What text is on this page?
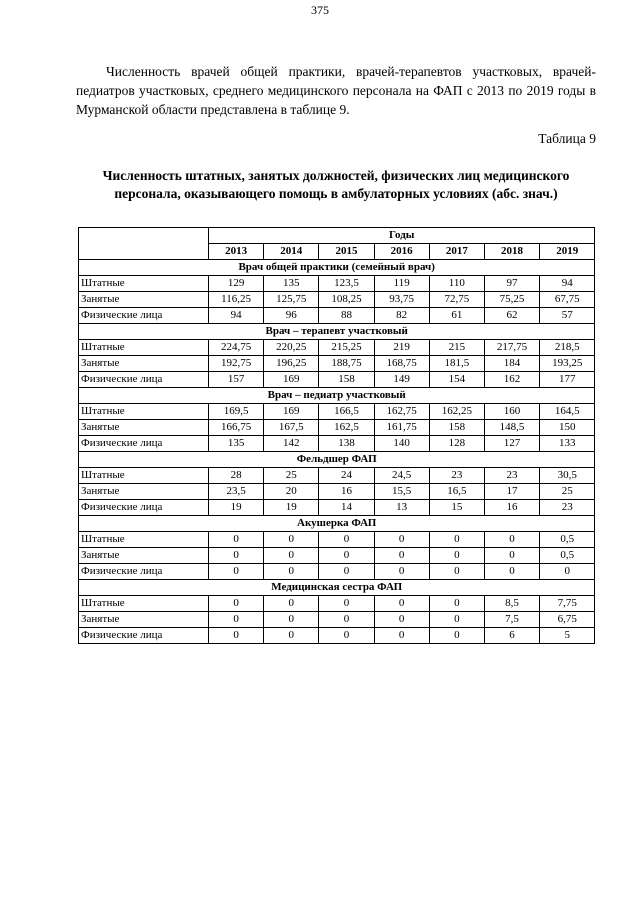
375

Численность врачей общей практики, врачей-терапевтов участковых, врачей-педиатров участковых, среднего медицинского персонала на ФАП с 2013 по 2019 годы в Мурманской области представлена в таблице 9.

Таблица 9

Численность штатных, занятых должностей, физических лиц медицинского персонала, оказывающего помощь в амбулаторных условиях (абс. знач.)

	Годы						
	2013	2014	2015	2016	2017	2018	2019
Врач общей практики (семейный врач)							
Штатные	129	135	123,5	119	110	97	94
Занятые	116,25	125,75	108,25	93,75	72,75	75,25	67,75
Физические лица	94	96	88	82	61	62	57
Врач – терапевт участковый							
Штатные	224,75	220,25	215,25	219	215	217,75	218,5
Занятые	192,75	196,25	188,75	168,75	181,5	184	193,25
Физические лица	157	169	158	149	154	162	177
Врач – педиатр участковый							
Штатные	169,5	169	166,5	162,75	162,25	160	164,5
Занятые	166,75	167,5	162,5	161,75	158	148,5	150
Физические лица	135	142	138	140	128	127	133
Фельдшер ФАП							
Штатные	28	25	24	24,5	23	23	30,5
Занятые	23,5	20	16	15,5	16,5	17	25
Физические лица	19	19	14	13	15	16	23
Акушерка ФАП							
Штатные	0	0	0	0	0	0	0,5
Занятые	0	0	0	0	0	0	0,5
Физические лица	0	0	0	0	0	0	0
Медицинская сестра ФАП							
Штатные	0	0	0	0	0	8,5	7,75
Занятые	0	0	0	0	0	7,5	6,75
Физические лица	0	0	0	0	0	6	5
